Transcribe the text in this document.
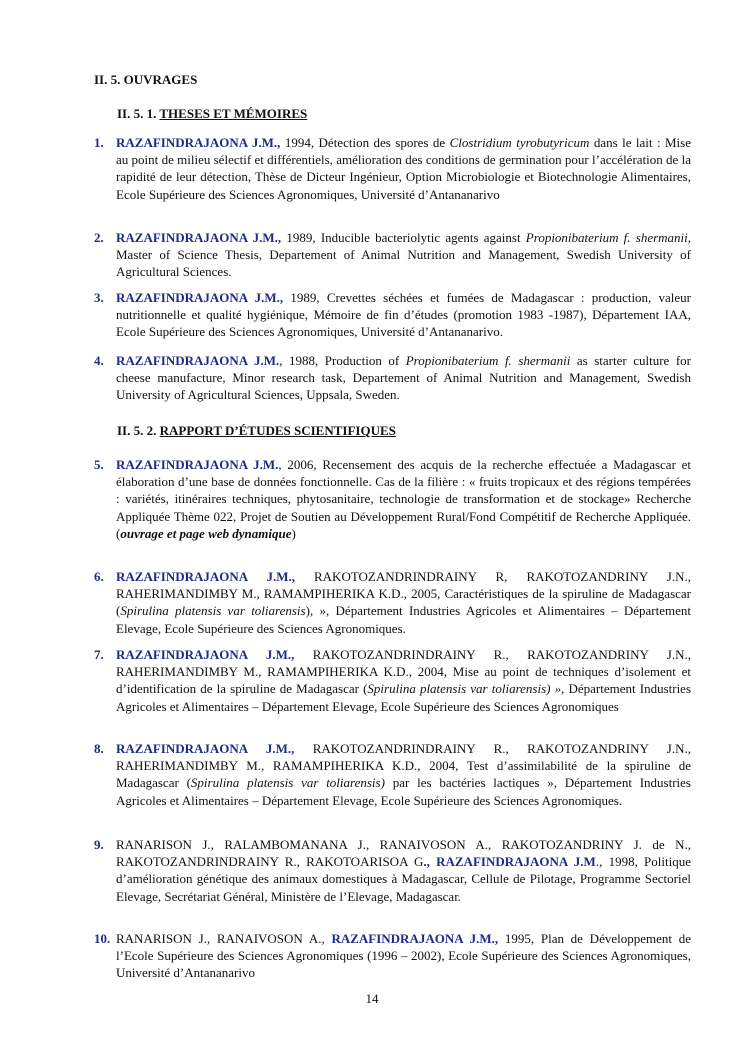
II. 5. OUVRAGES
II. 5. 1. THESES ET MÉMOIRES
1. RAZAFINDRAJAONA J.M., 1994, Détection des spores de Clostridium tyrobutyricum dans le lait : Mise au point de milieu sélectif et différentiels, amélioration des conditions de germination pour l’accélération de la rapidité de leur détection, Thèse de Dicteur Ingénieur, Option Microbiologie et Biotechnologie Alimentaires, Ecole Supérieure des Sciences Agronomiques, Université d’Antananarivo
2. RAZAFINDRAJAONA J.M., 1989, Inducible bacteriolytic agents against Propionibaterium f. shermanii, Master of Science Thesis, Departement of Animal Nutrition and Management, Swedish University of Agricultural Sciences.
3. RAZAFINDRAJAONA J.M., 1989, Crevettes séchées et fumées de Madagascar : production, valeur nutritionnelle et qualité hygiénique, Mémoire de fin d’études (promotion 1983 -1987), Département IAA, Ecole Supérieure des Sciences Agronomiques, Université d’Antananarivo.
4. RAZAFINDRAJAONA J.M., 1988, Production of Propionibaterium f. shermanii as starter culture for cheese manufacture, Minor research task, Departement of Animal Nutrition and Management, Swedish University of Agricultural Sciences, Uppsala, Sweden.
II. 5. 2. RAPPORT D’ÉTUDES SCIENTIFIQUES
5. RAZAFINDRAJAONA J.M., 2006, Recensement des acquis de la recherche effectuée a Madagascar et élaboration d’une base de données fonctionnelle. Cas de la filière : « fruits tropicaux et des régions tempérées : variétés, itinéraires techniques, phytosanitaire, technologie de transformation et de stockage» Recherche Appliquée Thème 022, Projet de Soutien au Développement Rural/Fond Compétitif de Recherche Appliquée. (ouvrage et page web dynamique)
6. RAZAFINDRAJAONA J.M., RAKOTOZANDRINDRAINY R, RAKOTOZANDRINY J.N., RAHERIMANDIMBY M., RAMAMPIHERIKA K.D., 2005, Caractéristiques de la spiruline de Madagascar (Spirulina platensis var toliarensis), », Département Industries Agricoles et Alimentaires – Département Elevage, Ecole Supérieure des Sciences Agronomiques.
7. RAZAFINDRAJAONA J.M., RAKOTOZANDRINDRAINY R., RAKOTOZANDRINY J.N., RAHERIMANDIMBY M., RAMAMPIHERIKA K.D., 2004, Mise au point de techniques d’isolement et d’identification de la spiruline de Madagascar (Spirulina platensis var toliarensis) », Département Industries Agricoles et Alimentaires – Département Elevage, Ecole Supérieure des Sciences Agronomiques
8. RAZAFINDRAJAONA J.M., RAKOTOZANDRINDRAINY R., RAKOTOZANDRINY J.N., RAHERIMANDIMBY M., RAMAMPIHERIKA K.D., 2004, Test d’assimilabilité de la spiruline de Madagascar (Spirulina platensis var toliarensis) par les bactéries lactiques », Département Industries Agricoles et Alimentaires – Département Elevage, Ecole Supérieure des Sciences Agronomiques.
9. RANARISON J., RALAMBOMANANA J., RANAIVOSON A., RAKOTOZANDRINY J. de N., RAKOTOZANDRINDRAINY R., RAKOTOARISOA G., RAZAFINDRAJAONA J.M., 1998, Politique d’amélioration génétique des animaux domestiques à Madagascar, Cellule de Pilotage, Programme Sectoriel Elevage, Secrétariat Général, Ministère de l’Elevage, Madagascar.
10. RANARISON J., RANAIVOSON A., RAZAFINDRAJAONA J.M., 1995, Plan de Développement de l’Ecole Supérieure des Sciences Agronomiques (1996 – 2002), Ecole Supérieure des Sciences Agronomiques, Université d’Antananarivo
14
